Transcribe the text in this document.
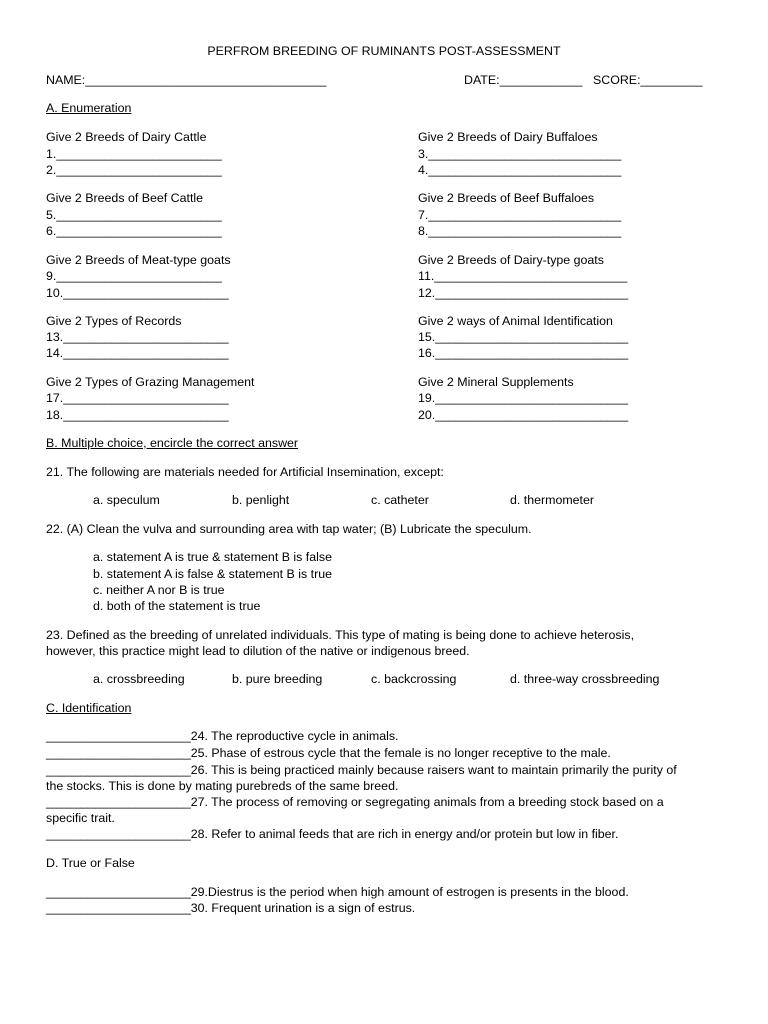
PERFROM BREEDING OF RUMINANTS POST-ASSESSMENT
NAME:___________________________________	DATE:____________ SCORE:_________
A. Enumeration
Give 2 Breeds of Dairy Cattle
1.________________________
2.________________________
Give 2 Breeds of Beef Cattle
5.________________________
6.________________________
Give 2 Breeds of Meat-type goats
9.________________________
10.________________________
Give 2 Types of Records
13.________________________
14.________________________
Give 2 Types of Grazing Management
17.________________________
18.________________________
Give 2 Breeds of Dairy Buffaloes
3.____________________________
4.____________________________
Give 2 Breeds of Beef Buffaloes
7.____________________________
8.____________________________
Give 2 Breeds of Dairy-type goats
11.____________________________
12.____________________________
Give 2 ways of Animal Identification
15.____________________________
16.____________________________
Give 2 Mineral Supplements
19.____________________________
20.____________________________
B. Multiple choice, encircle the correct answer
21. The following are materials needed for Artificial Insemination, except:
a. speculum	b. penlight	c. catheter	d. thermometer
22. (A) Clean the vulva and surrounding area with tap water; (B) Lubricate the speculum.
a. statement A is true & statement B is false
b. statement A is false & statement B is true
c. neither A nor B is true
d. both of the statement is true
23. Defined as the breeding of unrelated individuals. This type of mating is being done to achieve heterosis,
however, this practice might lead to dilution of the native or indigenous breed.
a. crossbreeding	b. pure breeding	c. backcrossing	d. three-way crossbreeding
C. Identification
_____________________24. The reproductive cycle in animals.
_____________________25. Phase of estrous cycle that the female is no longer receptive to the male.
_____________________26. This is being practiced mainly because raisers want to maintain primarily the purity of
the stocks. This is done by mating purebreds of the same breed.
_____________________27. The process of removing or segregating animals from a breeding stock based on a
specific trait.
_____________________28. Refer to animal feeds that are rich in energy and/or protein but low in fiber.
D. True or False
_____________________29.Diestrus is the period when high amount of estrogen is presents in the blood.
_____________________30. Frequent urination is a sign of estrus.
